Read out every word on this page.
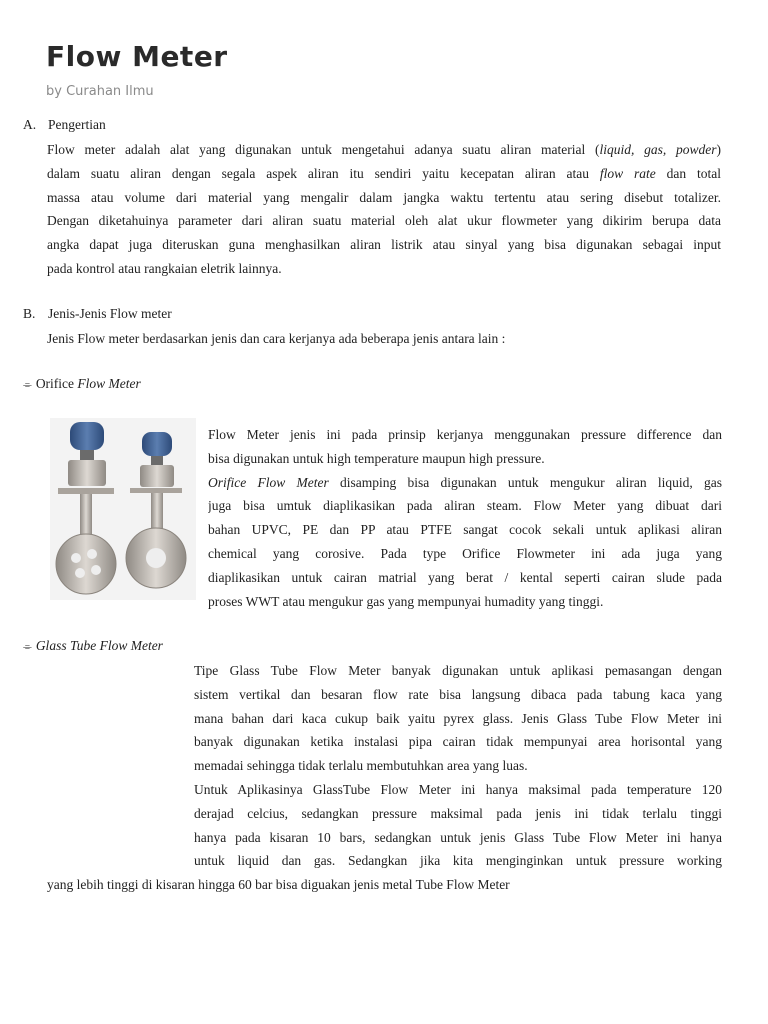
Flow Meter
by Curahan Ilmu
A. Pengertian
Flow meter adalah alat yang digunakan untuk mengetahui adanya suatu aliran material (liquid, gas, powder)
dalam suatu aliran dengan segala aspek aliran itu sendiri yaitu kecepatan aliran atau flow rate dan total
massa atau volume dari material yang mengalir dalam jangka waktu tertentu atau sering disebut totalizer.
Dengan diketahuinya parameter dari aliran suatu material oleh alat ukur flowmeter yang dikirim berupa data
angka dapat juga diteruskan guna menghasilkan aliran listrik atau sinyal yang bisa digunakan sebagai input
pada kontrol atau rangkaian eletrik lainnya.
B. Jenis-Jenis Flow meter
Jenis Flow meter berdasarkan jenis dan cara kerjanya ada beberapa jenis antara lain :
⌯ Orifice Flow Meter
Flow Meter jenis ini pada prinsip kerjanya menggunakan pressure difference dan
bisa digunakan untuk high temperature maupun high pressure.
Orifice Flow Meter disamping bisa digunakan untuk mengukur aliran liquid, gas
juga bisa umtuk diaplikasikan pada aliran steam. Flow Meter yang dibuat dari
bahan UPVC, PE dan PP atau PTFE sangat cocok sekali untuk aplikasi aliran
chemical yang corosive. Pada type Orifice Flowmeter ini ada juga yang
diaplikasikan untuk cairan matrial yang berat / kental seperti cairan slude pada
proses WWT atau mengukur gas yang mempunyai humadity yang tinggi.
⌯ Glass Tube Flow Meter
Tipe Glass Tube Flow Meter banyak digunakan untuk aplikasi pemasangan dengan
sistem vertikal dan besaran flow rate bisa langsung dibaca pada tabung kaca yang
mana bahan dari kaca cukup baik yaitu pyrex glass. Jenis Glass Tube Flow Meter ini
banyak digunakan ketika instalasi pipa cairan tidak mempunyai area horisontal yang
memadai sehingga tidak terlalu membutuhkan area yang luas.
Untuk Aplikasinya GlassTube Flow Meter ini hanya maksimal pada temperature 120
derajad celcius, sedangkan pressure maksimal pada jenis ini tidak terlalu tinggi
hanya pada kisaran 10 bars, sedangkan untuk jenis Glass Tube Flow Meter ini hanya
untuk liquid dan gas. Sedangkan jika kita menginginkan untuk pressure working
yang lebih tinggi di kisaran hingga 60 bar bisa diguakan jenis metal Tube Flow Meter
